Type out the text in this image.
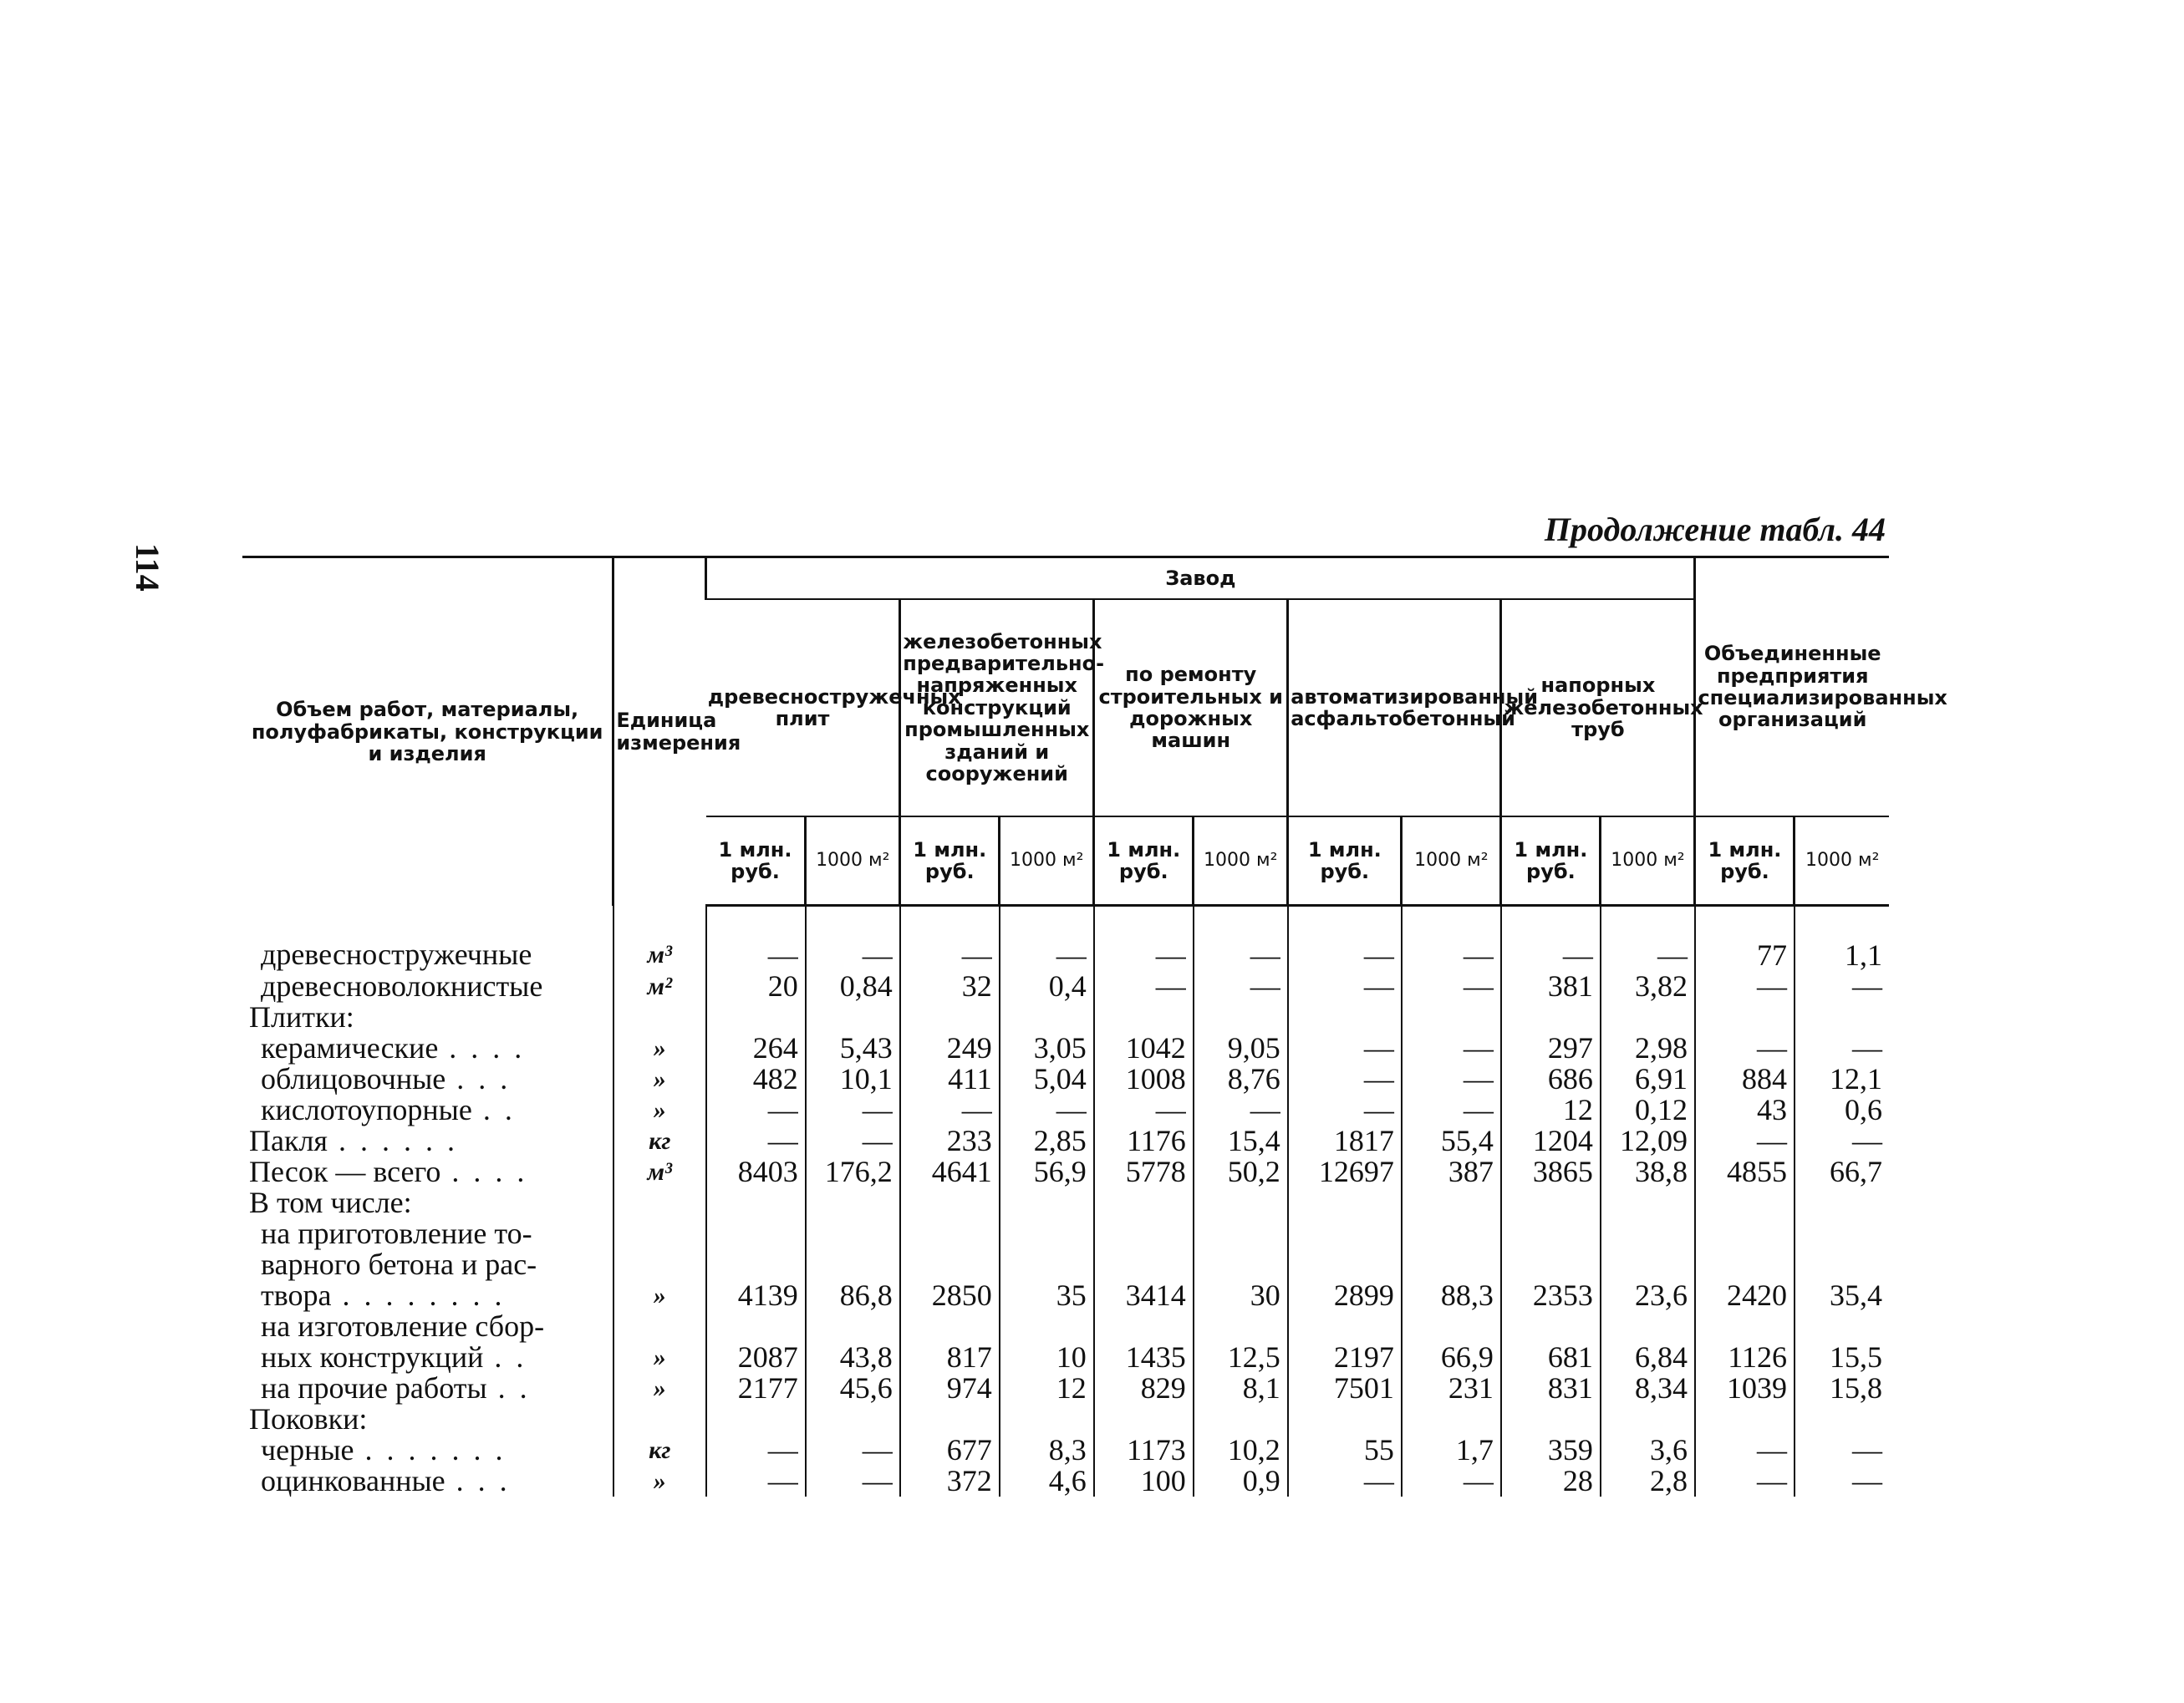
114
Продолжение табл. 44
Объем работ, материалы, полуфабрикаты, конструкции и изделия	Единица измерения	Завод										Объединенные предприятия специализированных организаций	
		древесностружечных плит		железобетонных предварительно-напряженных конструкций промышленных зданий и сооружений		по ремонту строительных и дорожных машин		автоматизированный асфальтобетонный		напорных железобетонных труб			
		1 млн. руб.	1000 м²	1 млн. руб.	1000 м²	1 млн. руб.	1000 м²	1 млн. руб.	1000 м²	1 млн. руб.	1000 м²	1 млн. руб.	1000 м²
древесностружечные	м³	—	—	—	—	—	—	—	—	—	—	77	1,1
древесноволокнистые	м²	20	0,84	32	0,4	—	—	—	—	381	3,82	—	—
Плитки:													
керамические . . . .	»	264	5,43	249	3,05	1042	9,05	—	—	297	2,98	—	—
облицовочные . . .	»	482	10,1	411	5,04	1008	8,76	—	—	686	6,91	884	12,1
кислотоупорные . .	»	—	—	—	—	—	—	—	—	12	0,12	43	0,6
Пакля . . . . . .	кг	—	—	233	2,85	1176	15,4	1817	55,4	1204	12,09	—	—
Песок — всего . . . .	м³	8403	176,2	4641	56,9	5778	50,2	12697	387	3865	38,8	4855	66,7
В том числе:													
на приготовление то-													
варного бетона и рас-													
твора . . . . . . . .	»	4139	86,8	2850	35	3414	30	2899	88,3	2353	23,6	2420	35,4
на изготовление сбор-													
ных конструкций . .	»	2087	43,8	817	10	1435	12,5	2197	66,9	681	6,84	1126	15,5
на прочие работы . .	»	2177	45,6	974	12	829	8,1	7501	231	831	8,34	1039	15,8
Поковки:													
черные . . . . . . .	кг	—	—	677	8,3	1173	10,2	55	1,7	359	3,6	—	—
оцинкованные . . .	»	—	—	372	4,6	100	0,9	—	—	28	2,8	—	—
